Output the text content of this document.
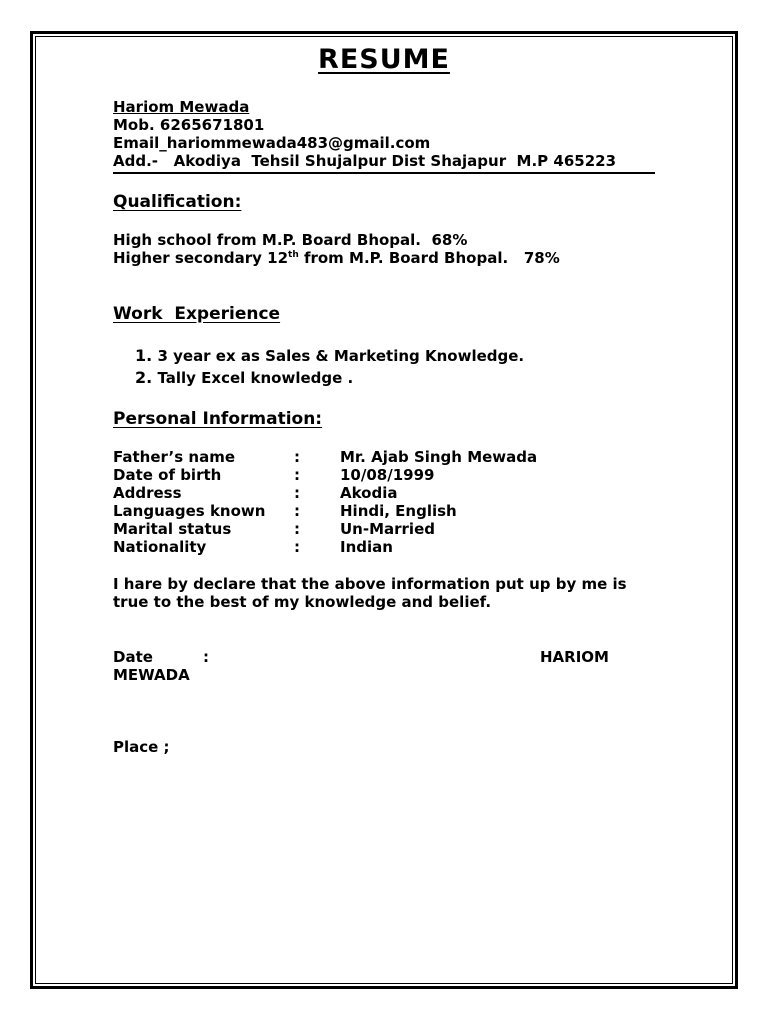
RESUME
Hariom Mewada
Mob. 6265671801
Email_hariommewada483@gmail.com
Add.-   Akodiya  Tehsil Shujalpur Dist Shajapur  M.P 465223
Qualification:
High school from M.P. Board Bhopal.  68%
Higher secondary 12th from M.P. Board Bhopal.   78%
Work  Experience
1. 3 year ex as Sales & Marketing Knowledge.
2. Tally Excel knowledge .
Personal Information:
Father’s name	:	Mr. Ajab Singh Mewada
Date of birth	:	10/08/1999
Address	:	Akodia
Languages known :	Hindi, English
Marital status	:	Un-Married
Nationality	:	Indian
I hare by declare that the above information put up by me is
true to the best of my knowledge and belief.
Date	:	HARIOM
MEWADA
Place ;
